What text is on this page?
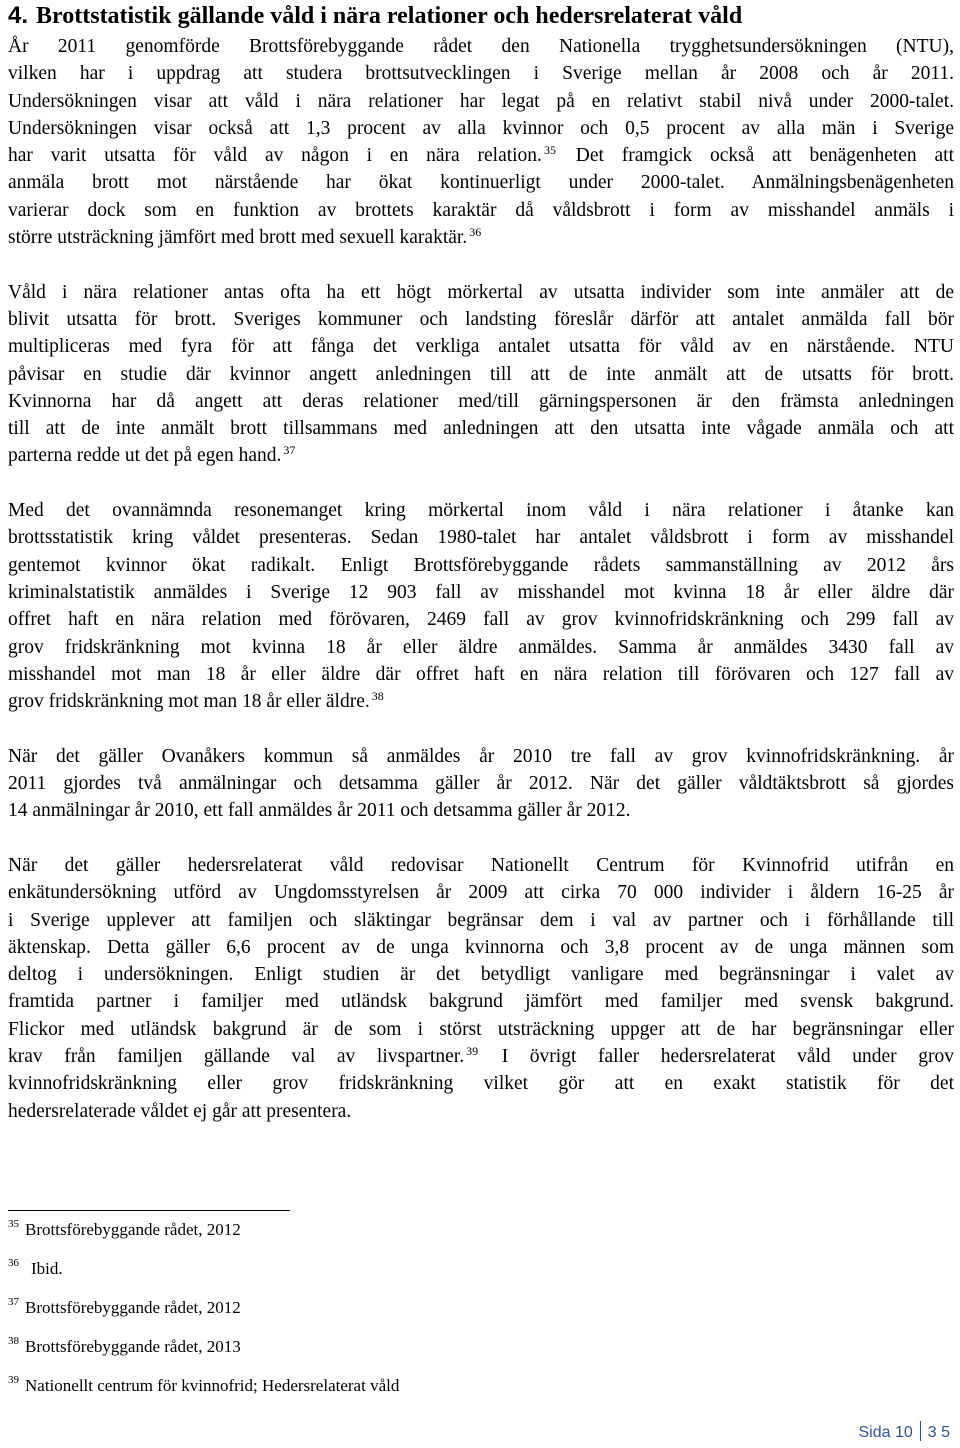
4. Brottstatistik gällande våld i nära relationer och hedersrelaterat våld

År 2011 genomförde Brottsförebyggande rådet den Nationella trygghetsundersökningen (NTU),
vilken har i uppdrag att studera brottsutvecklingen i Sverige mellan år 2008 och år 2011.
Undersökningen visar att våld i nära relationer har legat på en relativt stabil nivå under 2000-talet.
Undersökningen visar också att 1,3 procent av alla kvinnor och 0,5 procent av alla män i Sverige
har varit utsatta för våld av någon i en nära relation. $^{35}$ Det framgick också att benägenheten att
anmäla brott mot närstående har ökat kontinuerligt under 2000-talet. Anmälningsbenägenheten
varierar dock som en funktion av brottets karaktär då våldsbrott i form av misshandel anmäls i
större utsträckning jämfört med brott med sexuell karaktär. $^{36}$

Våld i nära relationer antas ofta ha ett högt mörkertal av utsatta individer som inte anmäler att de
blivit utsatta för brott. Sveriges kommuner och landsting föreslår därför att antalet anmälda fall bör
multipliceras med fyra för att fånga det verkliga antalet utsatta för våld av en närstående. NTU
påvisar en studie där kvinnor angett anledningen till att de inte anmält att de utsatts för brott.
Kvinnorna har då angett att deras relationer med/till gärningspersonen är den främsta anledningen
till att de inte anmält brott tillsammans med anledningen att den utsatta inte vågade anmäla och att
parterna redde ut det på egen hand. $^{37}$

Med det ovannämnda resonemanget kring mörkertal inom våld i nära relationer i åtanke kan
brottsstatistik kring våldet presenteras. Sedan 1980-talet har antalet våldsbrott i form av misshandel
gentemot kvinnor ökat radikalt. Enligt Brottsförebyggande rådets sammanställning av 2012 års
kriminalstatistik anmäldes i Sverige 12 903 fall av misshandel mot kvinna 18 år eller äldre där
offret haft en nära relation med förövaren, 2469 fall av grov kvinnofridskränkning och 299 fall av
grov fridskränkning mot kvinna 18 år eller äldre anmäldes. Samma år anmäldes 3430 fall av
misshandel mot man 18 år eller äldre där offret haft en nära relation till förövaren och 127 fall av
grov fridskränkning mot man 18 år eller äldre. $^{38}$

När det gäller Ovanåkers kommun så anmäldes år 2010 tre fall av grov kvinnofridskränkning. år
2011 gjordes två anmälningar och detsamma gäller år 2012. När det gäller våldtäktsbrott så gjordes
14 anmälningar år 2010, ett fall anmäldes år 2011 och detsamma gäller år 2012.

När det gäller hedersrelaterat våld redovisar Nationellt Centrum för Kvinnofrid utifrån en
enkätundersökning utförd av Ungdomsstyrelsen år 2009 att cirka 70 000 individer i åldern 16-25 år
i Sverige upplever att familjen och släktingar begränsar dem i val av partner och i förhållande till
äktenskap. Detta gäller 6,6 procent av de unga kvinnorna och 3,8 procent av de unga männen som
deltog i undersökningen. Enligt studien är det betydligt vanligare med begränsningar i valet av
framtida partner i familjer med utländsk bakgrund jämfört med familjer med svensk bakgrund.
Flickor med utländsk bakgrund är de som i störst utsträckning uppger att de har begränsningar eller
krav från familjen gällande val av livspartner. $^{39}$ I övrigt faller hedersrelaterat våld under grov
kvinnofridskränkning eller grov fridskränkning vilket gör att en exakt statistik för det
hedersrelaterade våldet ej går att presentera.

$^{35}$ Brottsförebyggande rådet, 2012
$^{36}$ Ibid.
$^{37}$ Brottsförebyggande rådet, 2012
$^{38}$ Brottsförebyggande rådet, 2013
$^{39}$ Nationellt centrum för kvinnofrid; Hedersrelaterat våld
Sida 10 3 5
